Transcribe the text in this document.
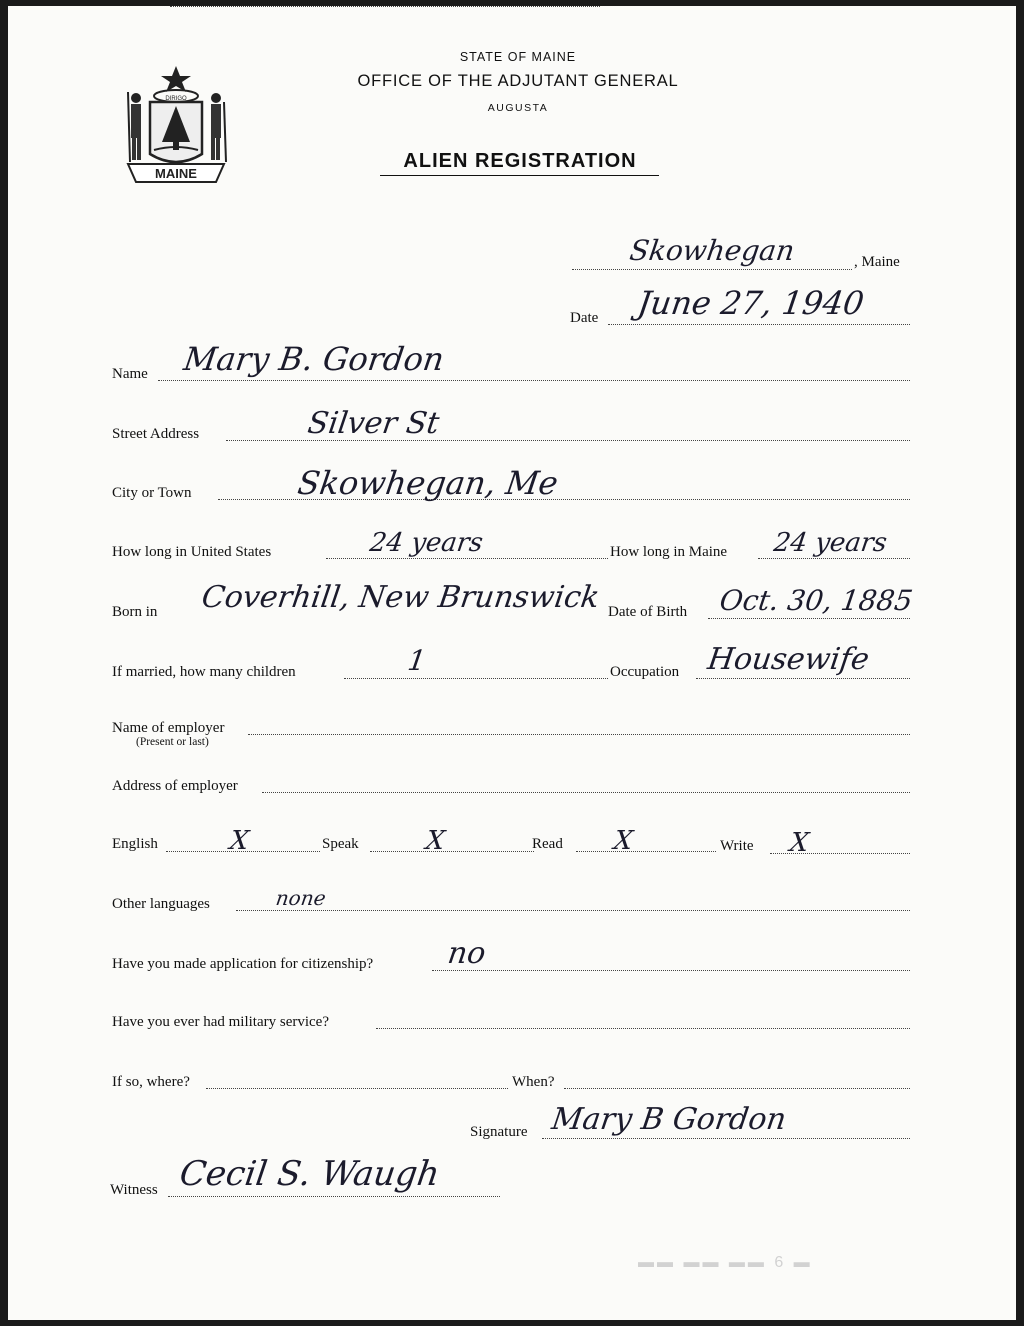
MAINE
DIRIGO
STATE OF MAINE
OFFICE OF THE ADJUTANT GENERAL
AUGUSTA
ALIEN REGISTRATION
Skowhegan	, Maine
Date June 27, 1940
Name Mary B. Gordon
Street Address	Silver St
City or Town	Skowhegan, Me
How long in United States	24 years	How long in Maine 24 years
Born in Coverhill, New Brunswick Date of Birth Oct. 30, 1885
If married, how many children	1	Occupation Housewife
Name of employer
(Present or last)
Address of employer
English	X	Speak	X	Read X	Write X
Other languages	none
Have you made application for citizenship? no
Have you ever had military service?
If so, where?	When?
Signature Mary B Gordon
Witness Cecil S. Waugh
▬▬ ▬▬ ▬▬ 6 ▬
